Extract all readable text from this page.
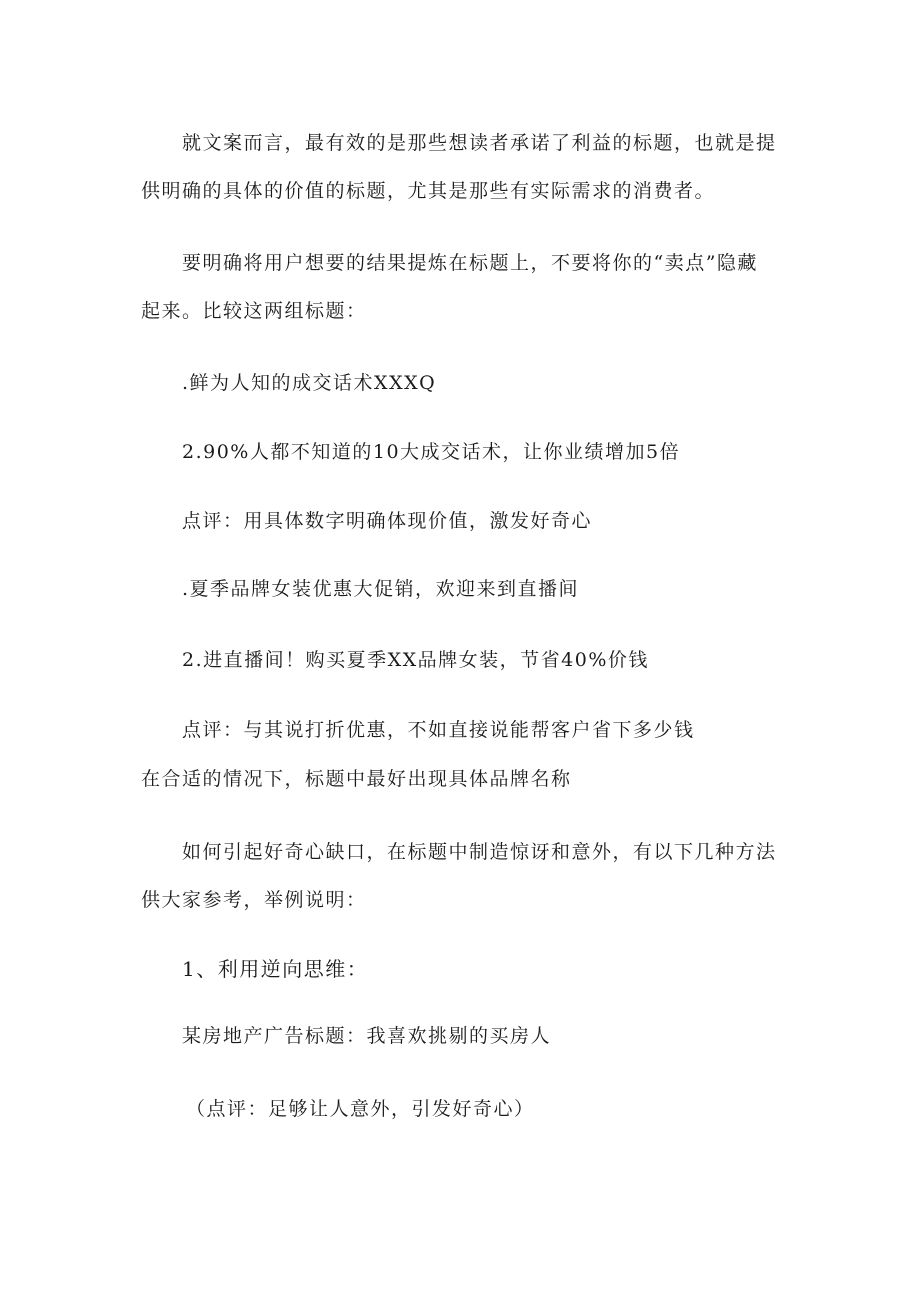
就文案而言，最有效的是那些想读者承诺了利益的标题，也就是提
供明确的具体的价值的标题，尤其是那些有实际需求的消费者。
要明确将用户想要的结果提炼在标题上，不要将你的“卖点”隐藏
起来。比较这两组标题：
.鲜为人知的成交话术XXXQ
2.90%人都不知道的10大成交话术，让你业绩增加5倍
点评：用具体数字明确体现价值，激发好奇心
.夏季品牌女装优惠大促销，欢迎来到直播间
2.进直播间！购买夏季XX品牌女装，节省40%价钱
点评：与其说打折优惠，不如直接说能帮客户省下多少钱
在合适的情况下，标题中最好出现具体品牌名称
如何引起好奇心缺口，在标题中制造惊讶和意外，有以下几种方法
供大家参考，举例说明：
1、利用逆向思维：
某房地产广告标题：我喜欢挑剔的买房人
（点评：足够让人意外，引发好奇心）
